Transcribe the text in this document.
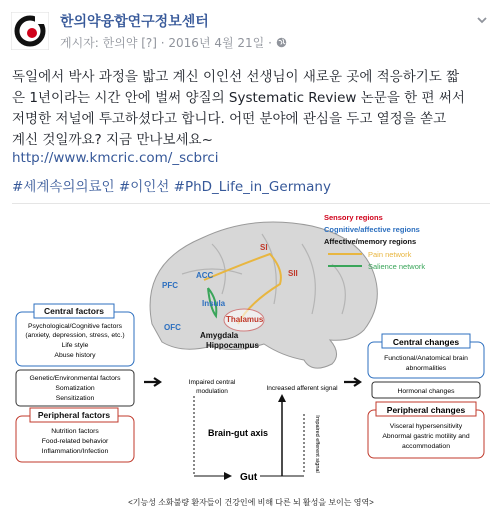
한의약융합연구정보센터
게시자: 한의약 [?] · 2016년 4월 21일 ·
독일에서 박사 과정을 밟고 계신 이인선 선생님이 새로운 곳에 적응하기도 짧
은 1년이라는 시간 안에 벌써 양질의 Systematic Review 논문을 한 편 써서
저명한 저널에 투고하셨다고 합니다. 어떤 분야에 관심을 두고 열정을 쏟고
계신 것일까요? 지금 만나보세요~
http://www.kmcric.com/_scbrci
#세계속의의료인 #이인선 #PhD_Life_in_Germany
SI
SII
ACC
PFC
Insula
Thalamus
OFC
Amygdala
Hippocampus
Sensory regions
Cognitive/affective regions
Affective/memory regions
Pain network
Salience network
Central factors
Psychological/Cognitive factors
(anxiety, depression, stress, etc.)
Life style
Abuse history
Genetic/Environmental factors
Somatization
Sensitization
Peripheral factors
Nutrition factors
Food-related behavior
Inflammation/Infection
Impaired central
modulation	Increased afferent signal
Impaired efferent signal
Brain-gut axis
Gut
Central changes
Functional/Anatomical brain
abnormalities
Hormonal changes
Peripheral changes
Visceral hypersensitivity
Abnormal gastric motility and
accommodation
<기능성 소화불량 환자들이 건강인에 비해 다른 뇌 활성을 보이는 영역>
